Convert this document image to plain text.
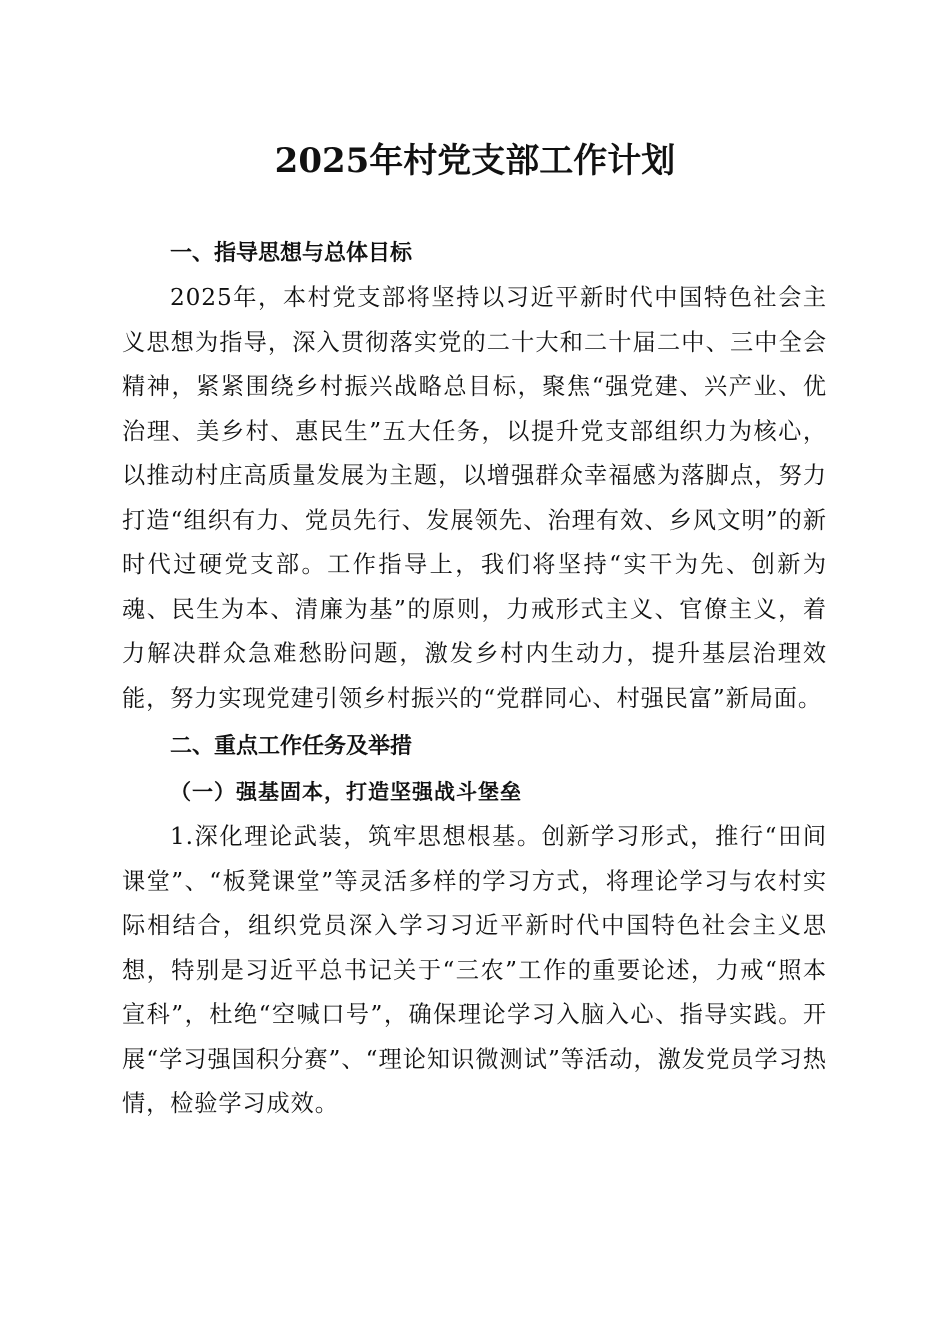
2025年村党支部工作计划
一、指导思想与总体目标

2025年，本村党支部将坚持以习近平新时代中国特色社会主义思想为指导，深入贯彻落实党的二十大和二十届二中、三中全会精神，紧紧围绕乡村振兴战略总目标，聚焦“强党建、兴产业、优治理、美乡村、惠民生”五大任务，以提升党支部组织力为核心，以推动村庄高质量发展为主题，以增强群众幸福感为落脚点，努力打造“组织有力、党员先行、发展领先、治理有效、乡风文明”的新时代过硬党支部。工作指导上，我们将坚持“实干为先、创新为魂、民生为本、清廉为基”的原则，力戒形式主义、官僚主义，着力解决群众急难愁盼问题，激发乡村内生动力，提升基层治理效能，努力实现党建引领乡村振兴的“党群同心、村强民富”新局面。

二、重点工作任务及举措
（一）强基固本，打造坚强战斗堡垒

1.深化理论武装，筑牢思想根基。创新学习形式，推行“田间课堂”、“板凳课堂”等灵活多样的学习方式，将理论学习与农村实际相结合，组织党员深入学习习近平新时代中国特色社会主义思想，特别是习近平总书记关于“三农”工作的重要论述，力戒“照本宣科”，杜绝“空喊口号”，确保理论学习入脑入心、指导实践。开展“学习强国积分赛”、“理论知识微测试”等活动，激发党员学习热情，检验学习成效。
